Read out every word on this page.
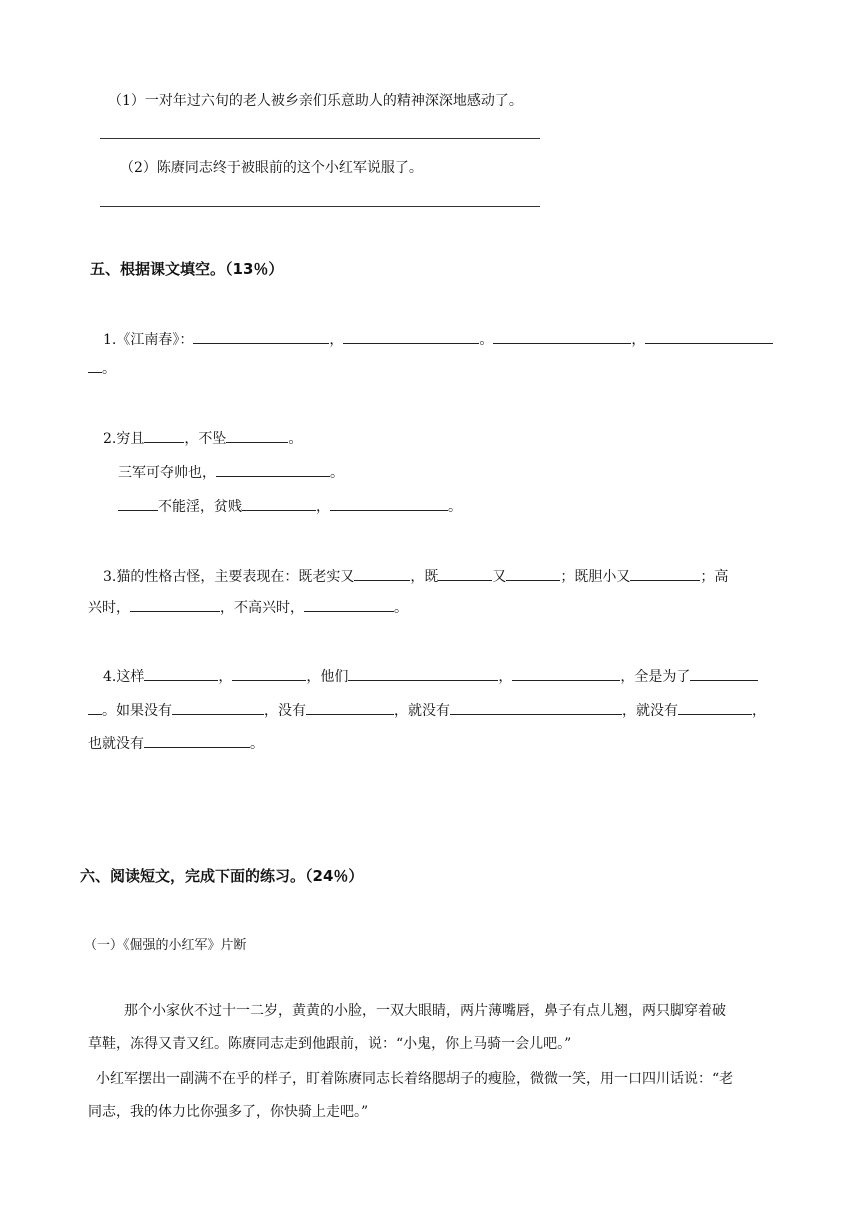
（1）一对年过六旬的老人被乡亲们乐意助人的精神深深地感动了。
（2）陈赓同志终于被眼前的这个小红军说服了。
五、根据课文填空。（13％）
1.《江南春》：	，	。	，
。
2.穷且	，不坠	。
三军可夺帅也，	。
不能淫，贫贱	，	。
3.猫的性格古怪，主要表现在：既老实又	，既	又	；既胆小又	；高
兴时，	，不高兴时，	。
4.这样	，	，他们	，	，全是为了
。如果没有	，没有	，就没有	，就没有	，
也就没有	。
六、阅读短文，完成下面的练习。（24％）
（一）《倔强的小红军》片断
那个小家伙不过十一二岁，黄黄的小脸，一双大眼睛，两片薄嘴唇，鼻子有点儿翘，两只脚穿着破
草鞋，冻得又青又红。陈赓同志走到他跟前，说：“小鬼，你上马骑一会儿吧。”
小红军摆出一副满不在乎的样子，盯着陈赓同志长着络腮胡子的瘦脸，微微一笑，用一口四川话说：“老
同志，我的体力比你强多了，你快骑上走吧。”
